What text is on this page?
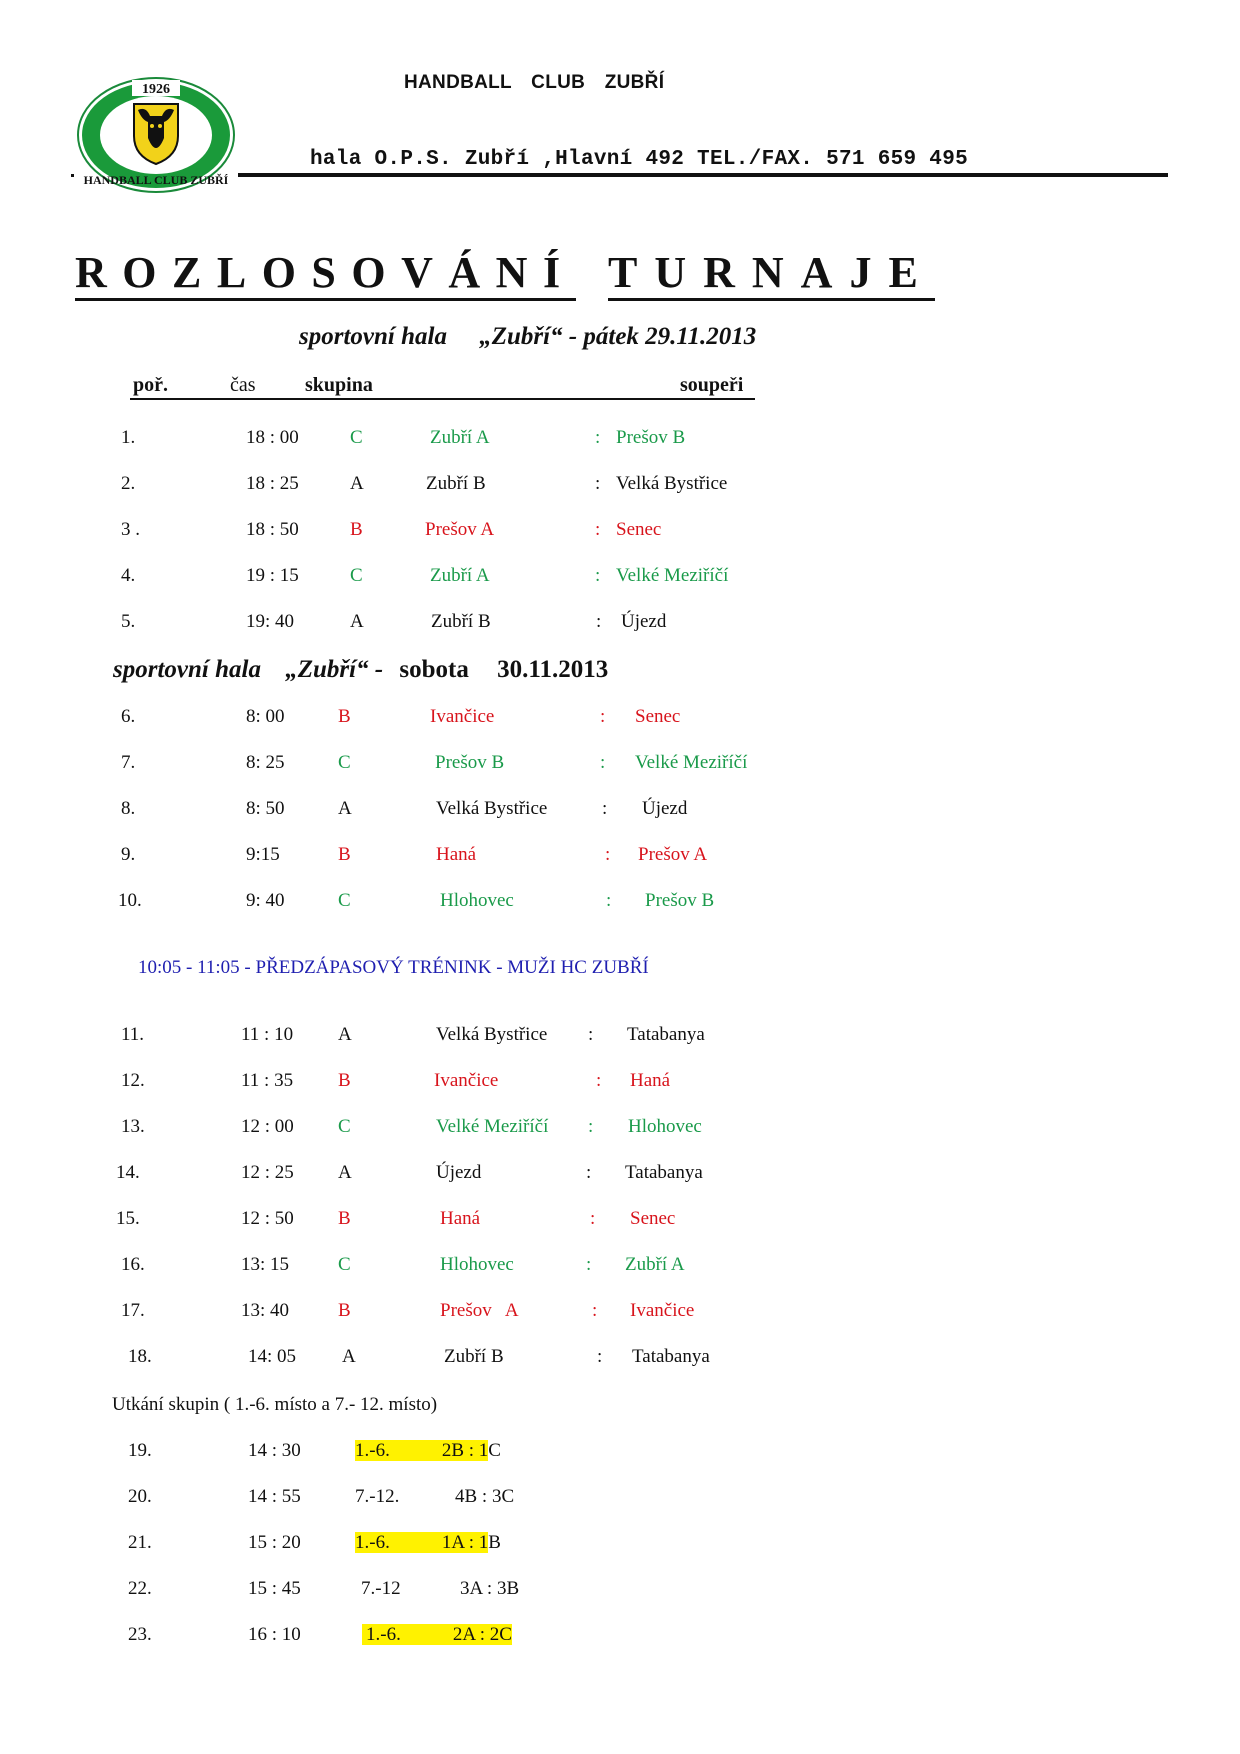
1926
HANDBALL CLUB ZUBŘÍ
HANDBALL CLUB ZUBŘÍ
hala O.P.S. Zubří ,Hlavní 492 TEL./FAX. 571 659 495
ROZLOSOVÁNÍ TURNAJE
sportovní hala „Zubří“ - pátek 29.11.2013
poř.	čas skupina	soupeři
sportovní hala „Zubří“ - sobota 30.11.2013
10:05 - 11:05 - PŘEDZÁPASOVÝ TRÉNINK - MUŽI HC ZUBŘÍ
Utkání skupin ( 1.-6. místo a 7.- 12. místo)
1.	18 : 00	C	Zubří A	: Prešov B
2.	18 : 25	A	Zubří B	: Velká Bystřice
3 .	18 : 50	B	Prešov A	: Senec
4.	19 : 15	C	Zubří A	: Velké Meziříčí
5.	19: 40	A	Zubří B	: Újezd
6.	8: 00	B	Ivančice	: Senec
7.	8: 25	C	Prešov B	: Velké Meziříčí
8.	8: 50	A	Velká Bystřice	: Újezd
9.	9:15	B	Haná	: Prešov A
10.	9: 40	C	Hlohovec	: Prešov B
11.	11 : 10 A	Velká Bystřice : Tatabanya
12.	11 : 35 B	Ivančice	: Haná
13.	12 : 00 C	Velké Meziříčí : Hlohovec
14.	12 : 25 A	Újezd	: Tatabanya
15.	12 : 50 B	Haná	: Senec
16.	13: 15	C	Hlohovec	: Zubří A
17.	13: 40	B	Prešov   A	: Ivančice
18.	14: 05 A	Zubří B	: Tatabanya
19.	14 : 30	1.-6.	2B : 1C
20.	14 : 55	7.-12.	4B : 3C
21.	15 : 20	1.-6.	1A : 1B
22.	15 : 45	7.-12	3A : 3B
23.	16 : 10	1.-6.	2A : 2C
